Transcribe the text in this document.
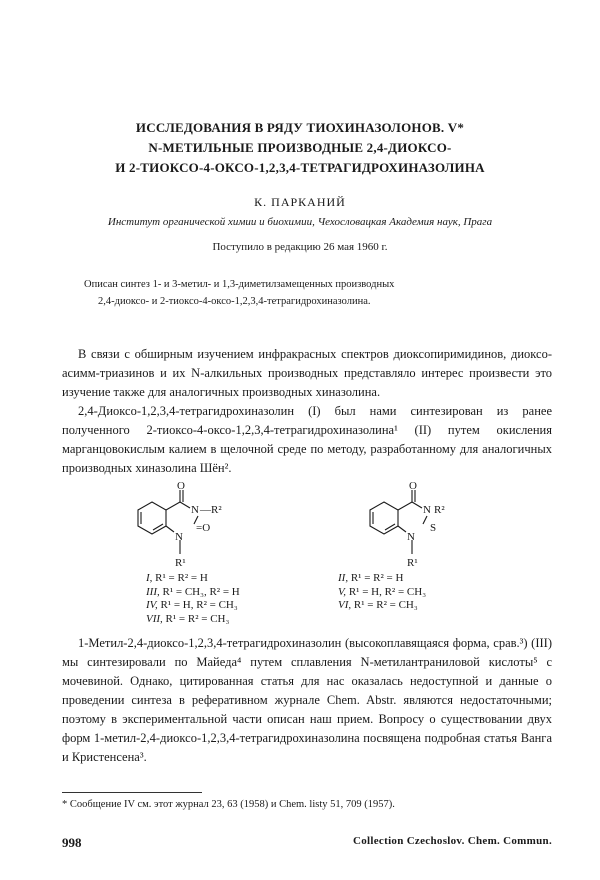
ИССЛЕДОВАНИЯ В РЯДУ ТИОХИНАЗОЛОНОВ. V*
N-МЕТИЛЬНЫЕ ПРОИЗВОДНЫЕ 2,4-ДИОКСО-
И 2-ТИОКСО-4-ОКСО-1,2,3,4-ТЕТРАГИДРОХИНАЗОЛИНА
К. ПАРКАНИЙ
Институт органической химии и биохимии, Чехословацкая Академия наук, Прага
Поступило в редакцию 26 мая 1960 г.

Описан синтез 1- и 3-метил- и 1,3-диметилзамещенных производных

2,4-диоксо- и 2-тиоксо-4-оксо-1,2,3,4-тетрагидрохиназолина.

В связи с обширным изучением инфракрасных спектров диоксопиримидинов, диоксо-асимм-триазинов и их N-алкильных производных представляло интерес произвести это изучение также для аналогичных производных хиназолина.

2,4-Диоксо-1,2,3,4-тетрагидрохиназолин (I) был нами синтезирован из ранее полученного 2-тиоксо-4-оксо-1,2,3,4-тетрагидрохиназолина¹ (II) путем окисления марганцовокислым калием в щелочной среде по методу, разработанному для аналогичных производных хиназолина Шён².

O
N —R²
=O
N
R¹
O
N R²
S
N
R¹
I, R¹ = R² = H
III, R¹ = CH₃, R² = H
IV, R¹ = H, R² = CH₃
VII, R¹ = R² = CH₃
II, R¹ = R² = H
V, R¹ = H, R² = CH₃
VI, R¹ = R² = CH₃

1-Метил-2,4-диоксо-1,2,3,4-тетрагидрохиназолин (высокоплавящаяся форма, срав.³) (III) мы синтезировали по Майеда⁴ путем сплавления N-метилантраниловой кислоты⁵ с мочевиной. Однако, цитированная статья для нас оказалась недоступной и данные о проведении синтеза в реферативном журнале Chem. Abstr. являются недостаточными; поэтому в экспериментальной части описан наш прием. Вопросу о существовании двух форм 1-метил-2,4-диоксо-1,2,3,4-тетрагидрохиназолина посвящена подробная статья Ванга и Кристенсена³.

* Сообщение IV см. этот журнал 23, 63 (1958) и Chem. listy 51, 709 (1957).
998	Collection Czechoslov. Chem. Commun.
